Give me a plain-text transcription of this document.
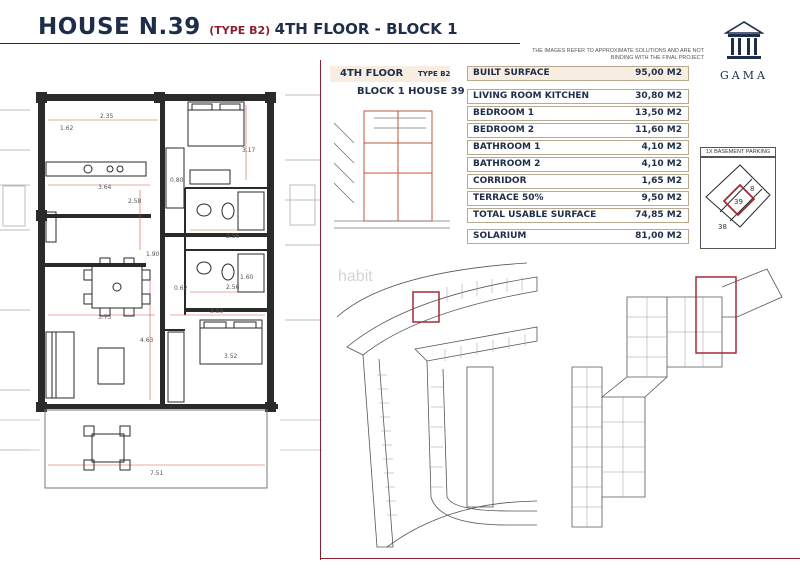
HOUSE N.39 (TYPE B2) 4TH FLOOR - BLOCK 1
THE IMAGES REFER TO APPROXIMATE SOLUTIONS AND ARE NOT BINDING WITH THE FINAL PROJECT
GAMA
2.35
1.62
3.17
3.64
2.58
0.80
2.56
1.90
1.60
2.56
0.62
3.73
3.59
4.63
3.52
7.51
4TH FLOOR TYPE B2
BLOCK 1 HOUSE 39
BUILT SURFACE	95,00 M2
LIVING ROOM KITCHEN	30,80 M2
BEDROOM 1	13,50 M2
BEDROOM 2	11,60 M2
BATHROOM 1	4,10 M2
BATHROOM 2	4,10 M2
CORRIDOR	1,65 M2
TERRACE 50%	9,50 M2
TOTAL USABLE SURFACE	74,85 M2
SOLARIUM	81,00 M2
1X BASEMENT PARKING
38
39
8
habit
